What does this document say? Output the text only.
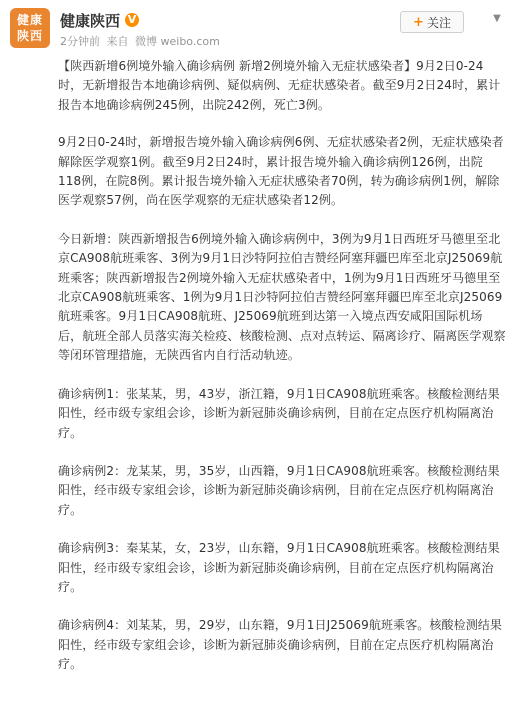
健康
陕西
健康陕西 V
2分钟前 来自 微博 weibo.com
+ 关注	▼

【陕西新增6例境外输入确诊病例 新增2例境外输入无症状感染者】9月2日0-24时，无新增报告本地确诊病例、疑似病例、无症状感染者。截至9月2日24时，累计报告本地确诊病例245例，出院242例，死亡3例。

9月2日0-24时，新增报告境外输入确诊病例6例、无症状感染者2例，无症状感染者解除医学观察1例。截至9月2日24时，累计报告境外输入确诊病例126例，出院118例，在院8例。累计报告境外输入无症状感染者70例，转为确诊病例1例，解除医学观察57例，尚在医学观察的无症状感染者12例。

今日新增：陕西新增报告6例境外输入确诊病例中，3例为9月1日西班牙马德里至北京CA908航班乘客、3例为9月1日沙特阿拉伯吉赞经阿塞拜疆巴库至北京J25069航班乘客；陕西新增报告2例境外输入无症状感染者中，1例为9月1日西班牙马德里至北京CA908航班乘客、1例为9月1日沙特阿拉伯吉赞经阿塞拜疆巴库至北京J25069航班乘客。9月1日CA908航班、J25069航班到达第一入境点西安咸阳国际机场后，航班全部人员落实海关检疫、核酸检测、点对点转运、隔离诊疗、隔离医学观察等闭环管理措施，无陕西省内自行活动轨迹。

确诊病例1：张某某，男，43岁，浙江籍，9月1日CA908航班乘客。核酸检测结果阳性，经市级专家组会诊，诊断为新冠肺炎确诊病例，目前在定点医疗机构隔离治疗。

确诊病例2：龙某某，男，35岁，山西籍，9月1日CA908航班乘客。核酸检测结果阳性，经市级专家组会诊，诊断为新冠肺炎确诊病例，目前在定点医疗机构隔离治疗。

确诊病例3：秦某某，女，23岁，山东籍，9月1日CA908航班乘客。核酸检测结果阳性，经市级专家组会诊，诊断为新冠肺炎确诊病例，目前在定点医疗机构隔离治疗。

确诊病例4：刘某某，男，29岁，山东籍，9月1日J25069航班乘客。核酸检测结果阳性，经市级专家组会诊，诊断为新冠肺炎确诊病例，目前在定点医疗机构隔离治疗。
